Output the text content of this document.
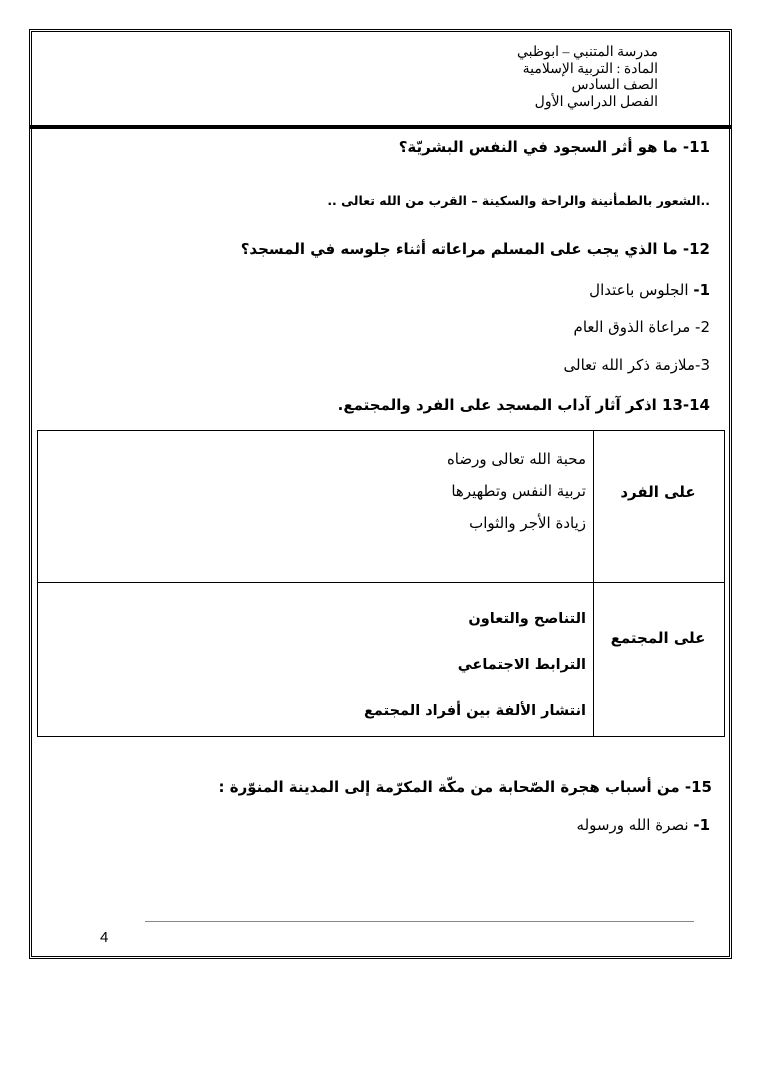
مدرسة المتنبي – ابوظبي
المادة : التربية الإسلامية
الصف السادس
الفصل الدراسي الأول
11- ما هو أثر السجود في النفس البشريّة؟
..الشعور بالطمأنينة والراحة والسكينة – القرب من الله تعالى ..
12- ما الذي يجب على المسلم مراعاته أثناء جلوسه في المسجد؟
1- الجلوس باعتدال
2- مراعاة الذوق العام
3-ملازمة ذكر الله تعالى
13-14 اذكر آثار آداب المسجد على الفرد والمجتمع.
على الفرد
محبة الله تعالى ورضاه
تربية النفس وتطهيرها
زيادة الأجر والثواب
على المجتمع
التناصح والتعاون
الترابط الاجتماعي
انتشار الألفة بين أفراد المجتمع
15- من أسباب هجرة الصّحابة من مكّة المكرّمة إلى المدينة المنوّرة :
1- نصرة الله ورسوله
4
